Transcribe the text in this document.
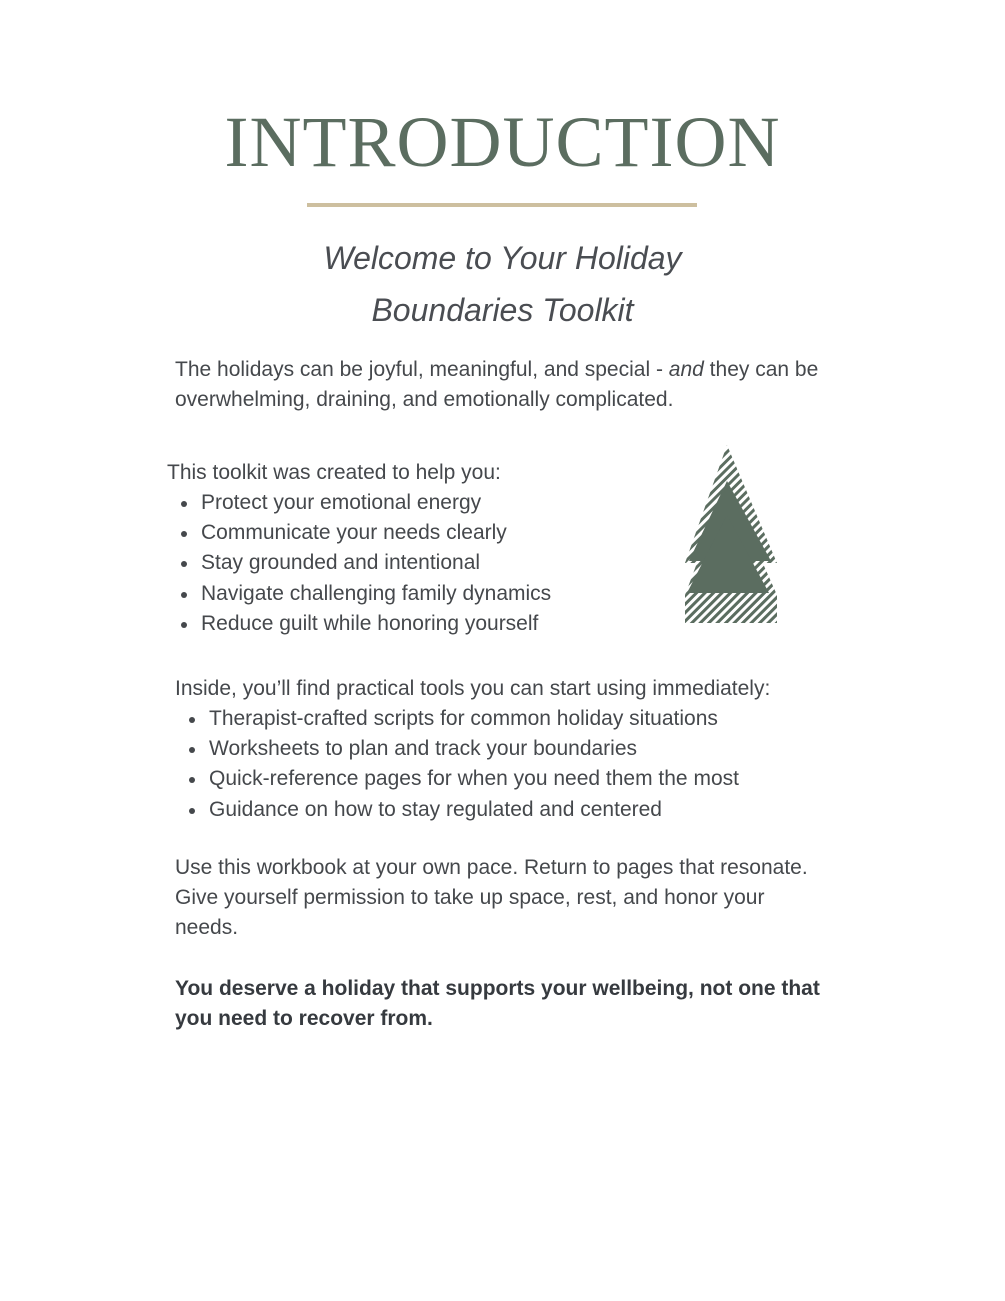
INTRODUCTION
Welcome to Your Holiday
Boundaries Toolkit

The holidays can be joyful, meaningful, and special - and they can be overwhelming, draining, and emotionally complicated.

This toolkit was created to help you:

Protect your emotional energy
Communicate your needs clearly
Stay grounded and intentional
Navigate challenging family dynamics
Reduce guilt while honoring yourself

Inside, you’ll find practical tools you can start using immediately:

Therapist-crafted scripts for common holiday situations
Worksheets to plan and track your boundaries
Quick-reference pages for when you need them the most
Guidance on how to stay regulated and centered

Use this workbook at your own pace. Return to pages that resonate. Give yourself permission to take up space, rest, and honor your needs.

You deserve a holiday that supports your wellbeing, not one that you need to recover from.
